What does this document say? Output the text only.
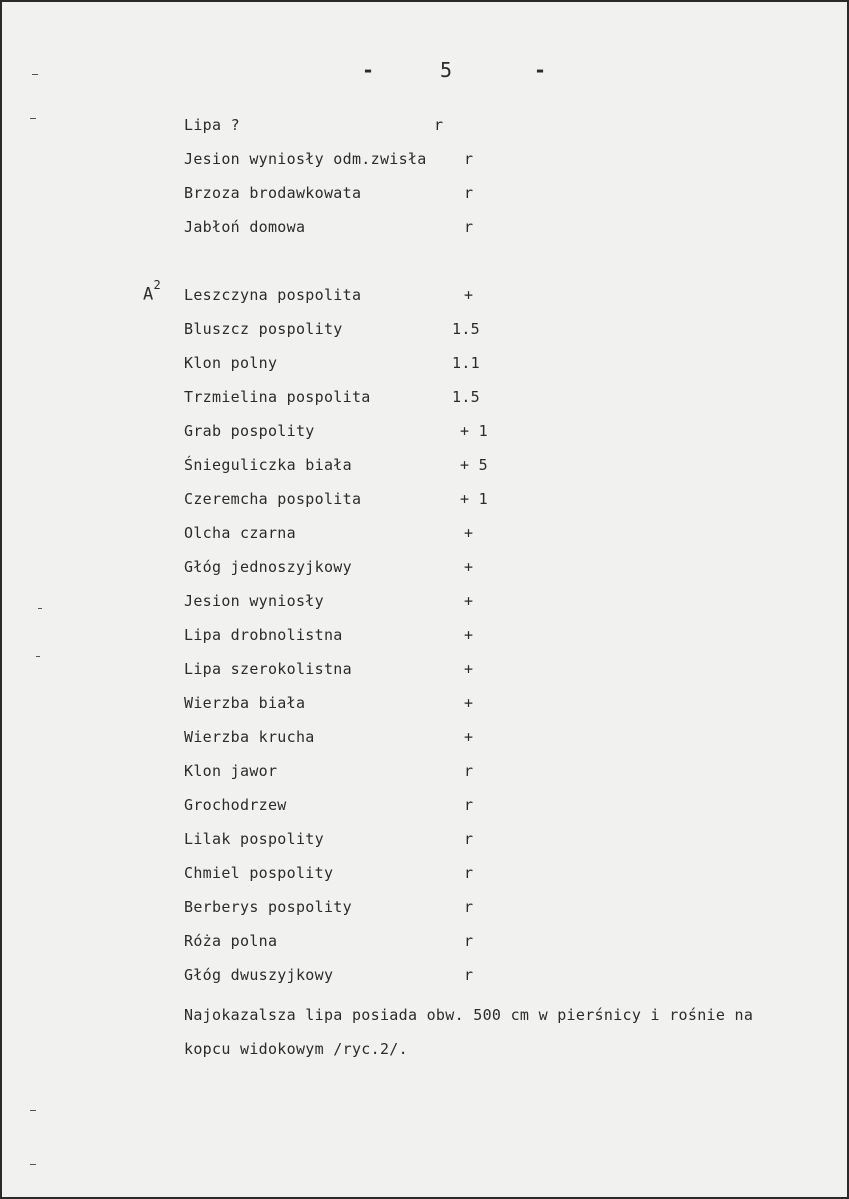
-	5	-
$A^2$
Lipa ?	r
Jesion wyniosły odm.zwisła r
Brzoza brodawkowata	r
Jabłoń domowa	r
Leszczyna pospolita	+
Bluszcz pospolity	1.5
Klon polny	1.1
Trzmielina pospolita	1.5
Grab pospolity	+ 1
Śnieguliczka biała	+ 5
Czeremcha pospolita	+ 1
Olcha czarna	+
Głóg jednoszyjkowy	+
Jesion wyniosły	+
Lipa drobnolistna	+
Lipa szerokolistna	+
Wierzba biała	+
Wierzba krucha	+
Klon jawor	r
Grochodrzew	r
Lilak pospolity	r
Chmiel pospolity	r
Berberys pospolity	r
Róża polna	r
Głóg dwuszyjkowy	r
Najokazalsza lipa posiada obw. 500 cm w pierśnicy i rośnie na
kopcu widokowym /ryc.2/.
